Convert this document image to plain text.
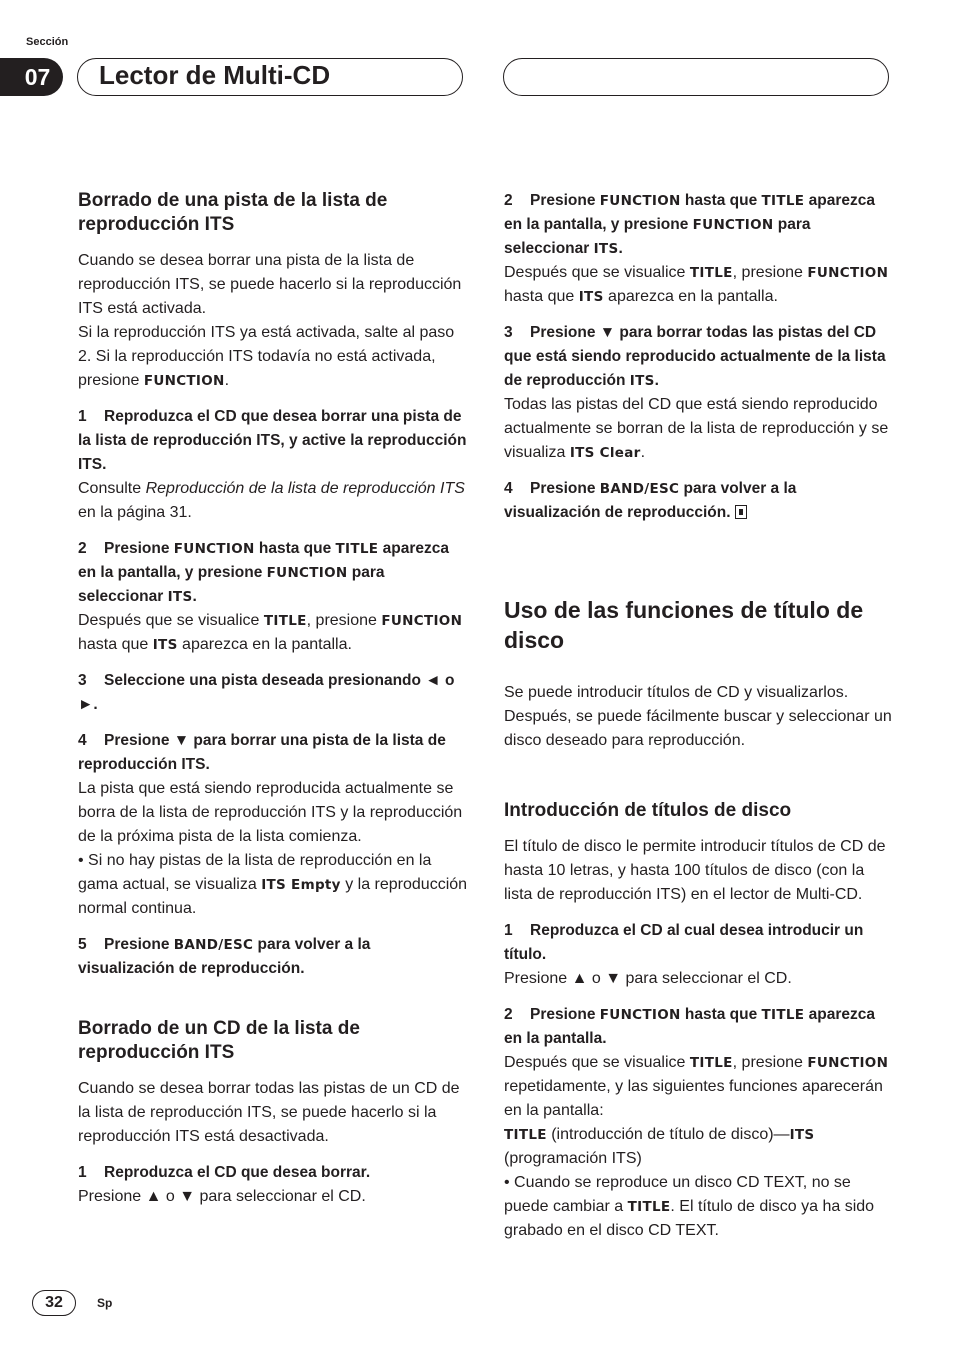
Sección
07	Lector de Multi-CD
Borrado de una pista de la lista de reproducción ITS

Cuando se desea borrar una pista de la lista de reproducción ITS, se puede hacerlo si la reproducción ITS está activada.

Si la reproducción ITS ya está activada, salte al paso 2. Si la reproducción ITS todavía no está activada, presione FUNCTION.

1 Reproduzca el CD que desea borrar una pista de la lista de reproducción ITS, y active la reproducción ITS.

Consulte Reproducción de la lista de reproducción ITS en la página 31.

2 Presione FUNCTION hasta que TITLE aparezca en la pantalla, y presione FUNCTION para seleccionar ITS.

Después que se visualice TITLE, presione FUNCTION hasta que ITS aparezca en la pantalla.

3 Seleccione una pista deseada presionando ◄ o ►.

4 Presione ▼ para borrar una pista de la lista de reproducción ITS.

La pista que está siendo reproducida actualmente se borra de la lista de reproducción ITS y la reproducción de la próxima pista de la lista comienza.

• Si no hay pistas de la lista de reproducción en la gama actual, se visualiza ITS Empty y la reproducción normal continua.

5 Presione BAND/ESC para volver a la visualización de reproducción.

Borrado de un CD de la lista de reproducción ITS

Cuando se desea borrar todas las pistas de un CD de la lista de reproducción ITS, se puede hacerlo si la reproducción ITS está desactivada.

1 Reproduzca el CD que desea borrar.

Presione ▲ o ▼ para seleccionar el CD.

2 Presione FUNCTION hasta que TITLE aparezca en la pantalla, y presione FUNCTION para seleccionar ITS.

Después que se visualice TITLE, presione FUNCTION hasta que ITS aparezca en la pantalla.

3 Presione ▼ para borrar todas las pistas del CD que está siendo reproducido actualmente de la lista de reproducción ITS.

Todas las pistas del CD que está siendo reproducido actualmente se borran de la lista de reproducción y se visualiza ITS Clear.

4 Presione BAND/ESC para volver a la visualización de reproducción.

Uso de las funciones de título de disco

Se puede introducir títulos de CD y visualizarlos. Después, se puede fácilmente buscar y seleccionar un disco deseado para reproducción.

Introducción de títulos de disco

El título de disco le permite introducir títulos de CD de hasta 10 letras, y hasta 100 títulos de disco (con la lista de reproducción ITS) en el lector de Multi-CD.

1 Reproduzca el CD al cual desea introducir un título.

Presione ▲ o ▼ para seleccionar el CD.

2 Presione FUNCTION hasta que TITLE aparezca en la pantalla.

Después que se visualice TITLE, presione FUNCTION repetidamente, y las siguientes funciones aparecerán en la pantalla:

TITLE (introducción de título de disco)—ITS (programación ITS)

• Cuando se reproduce un disco CD TEXT, no se puede cambiar a TITLE. El título de disco ya ha sido grabado en el disco CD TEXT.

32	Sp
